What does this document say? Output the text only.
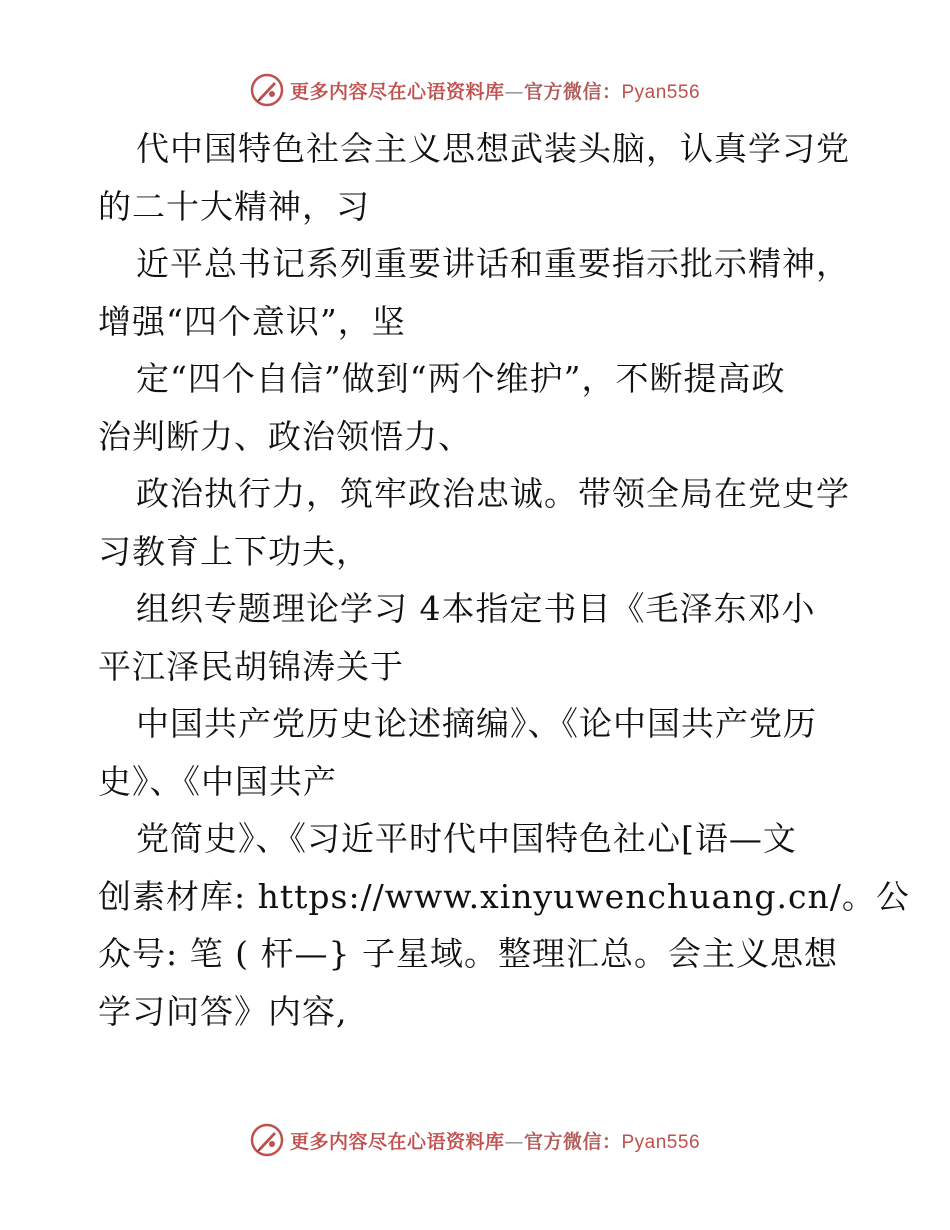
更多内容尽在心语资料库—官方微信：Pyan556
代中国特色社会主义思想武装头脑，认真学习党
的二十大精神，习
近平总书记系列重要讲话和重要指示批示精神，
增强“四个意识”，坚
定“四个自信”做到“两个维护”，不断提高政
治判断力、政治领悟力、
政治执行力，筑牢政治忠诚。带领全局在党史学
习教育上下功夫，
组织专题理论学习 4本指定书目《毛泽东邓小
平江泽民胡锦涛关于
中国共产党历史论述摘编》、《论中国共产党历
史》、《中国共产
党简史》、《习近平时代中国特色社心[语—文
创素材库: https://www.xinyuwenchuang.cn/。公
众号: 笔 ( 杆—} 子星域。整理汇总。会主义思想
学习问答》内容,
更多内容尽在心语资料库—官方微信：Pyan556
